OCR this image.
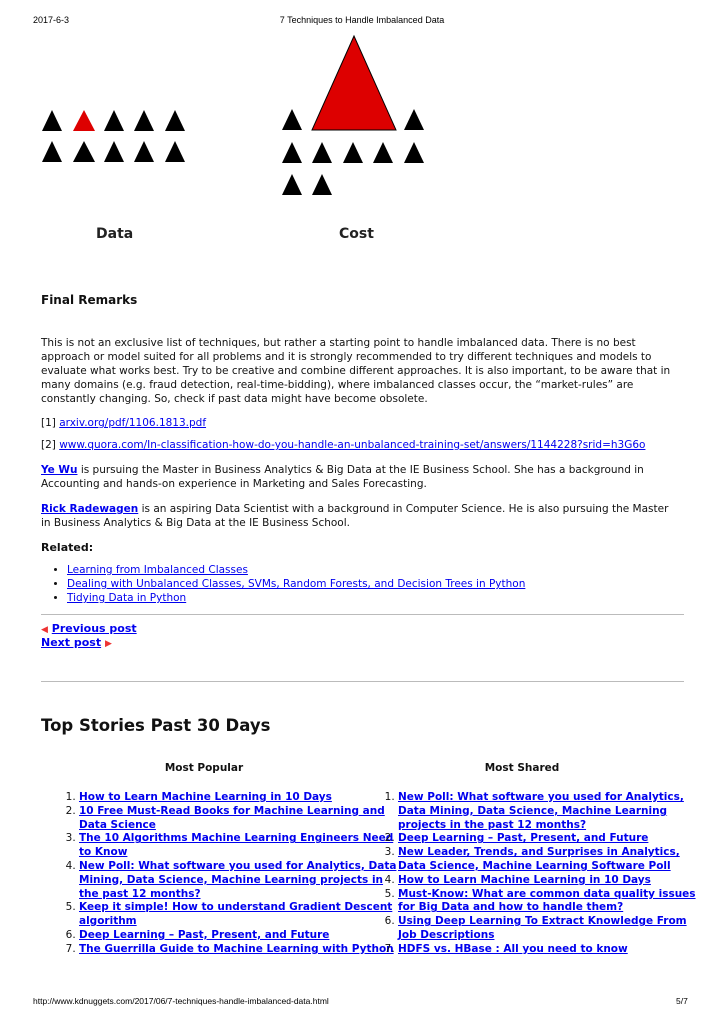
2017-6-3	7 Techniques to Handle Imbalanced Data
Data	Cost
Final Remarks

This is not an exclusive list of techniques, but rather a starting point to handle imbalanced data. There is no best approach or model suited for all problems and it is strongly recommended to try different techniques and models to evaluate what works best. Try to be creative and combine different approaches. It is also important, to be aware that in many domains (e.g. fraud detection, real-time-bidding), where imbalanced classes occur, the “market-rules” are constantly changing. So, check if past data might have become obsolete.

[1] arxiv.org/pdf/1106.1813.pdf

[2] www.quora.com/In-classification-how-do-you-handle-an-unbalanced-training-set/answers/1144228?srid=h3G6o

Ye Wu is pursuing the Master in Business Analytics & Big Data at the IE Business School. She has a background in Accounting and hands-on experience in Marketing and Sales Forecasting.

Rick Radewagen is an aspiring Data Scientist with a background in Computer Science. He is also pursuing the Master in Business Analytics & Big Data at the IE Business School.

Related:
• Learning from Imbalanced Classes
• Dealing with Unbalanced Classes, SVMs, Random Forests, and Decision Trees in Python
• Tidying Data in Python
◀ Previous post
Next post ▶
Top Stories Past 30 Days
Most Popular	Most Shared
1. How to Learn Machine Learning in 10 Days
2. 10 Free Must-Read Books for Machine Learning and Data Science
3. The 10 Algorithms Machine Learning Engineers Need to Know
4. New Poll: What software you used for Analytics, Data Mining, Data Science, Machine Learning projects in the past 12 months?
5. Keep it simple! How to understand Gradient Descent algorithm
6. Deep Learning – Past, Present, and Future
7. The Guerrilla Guide to Machine Learning with Python
1. New Poll: What software you used for Analytics, Data Mining, Data Science, Machine Learning projects in the past 12 months?
2. Deep Learning – Past, Present, and Future
3. New Leader, Trends, and Surprises in Analytics, Data Science, Machine Learning Software Poll
4. How to Learn Machine Learning in 10 Days
5. Must-Know: What are common data quality issues for Big Data and how to handle them?
6. Using Deep Learning To Extract Knowledge From Job Descriptions
7. HDFS vs. HBase : All you need to know
http://www.kdnuggets.com/2017/06/7-techniques-handle-imbalanced-data.html	5/7
